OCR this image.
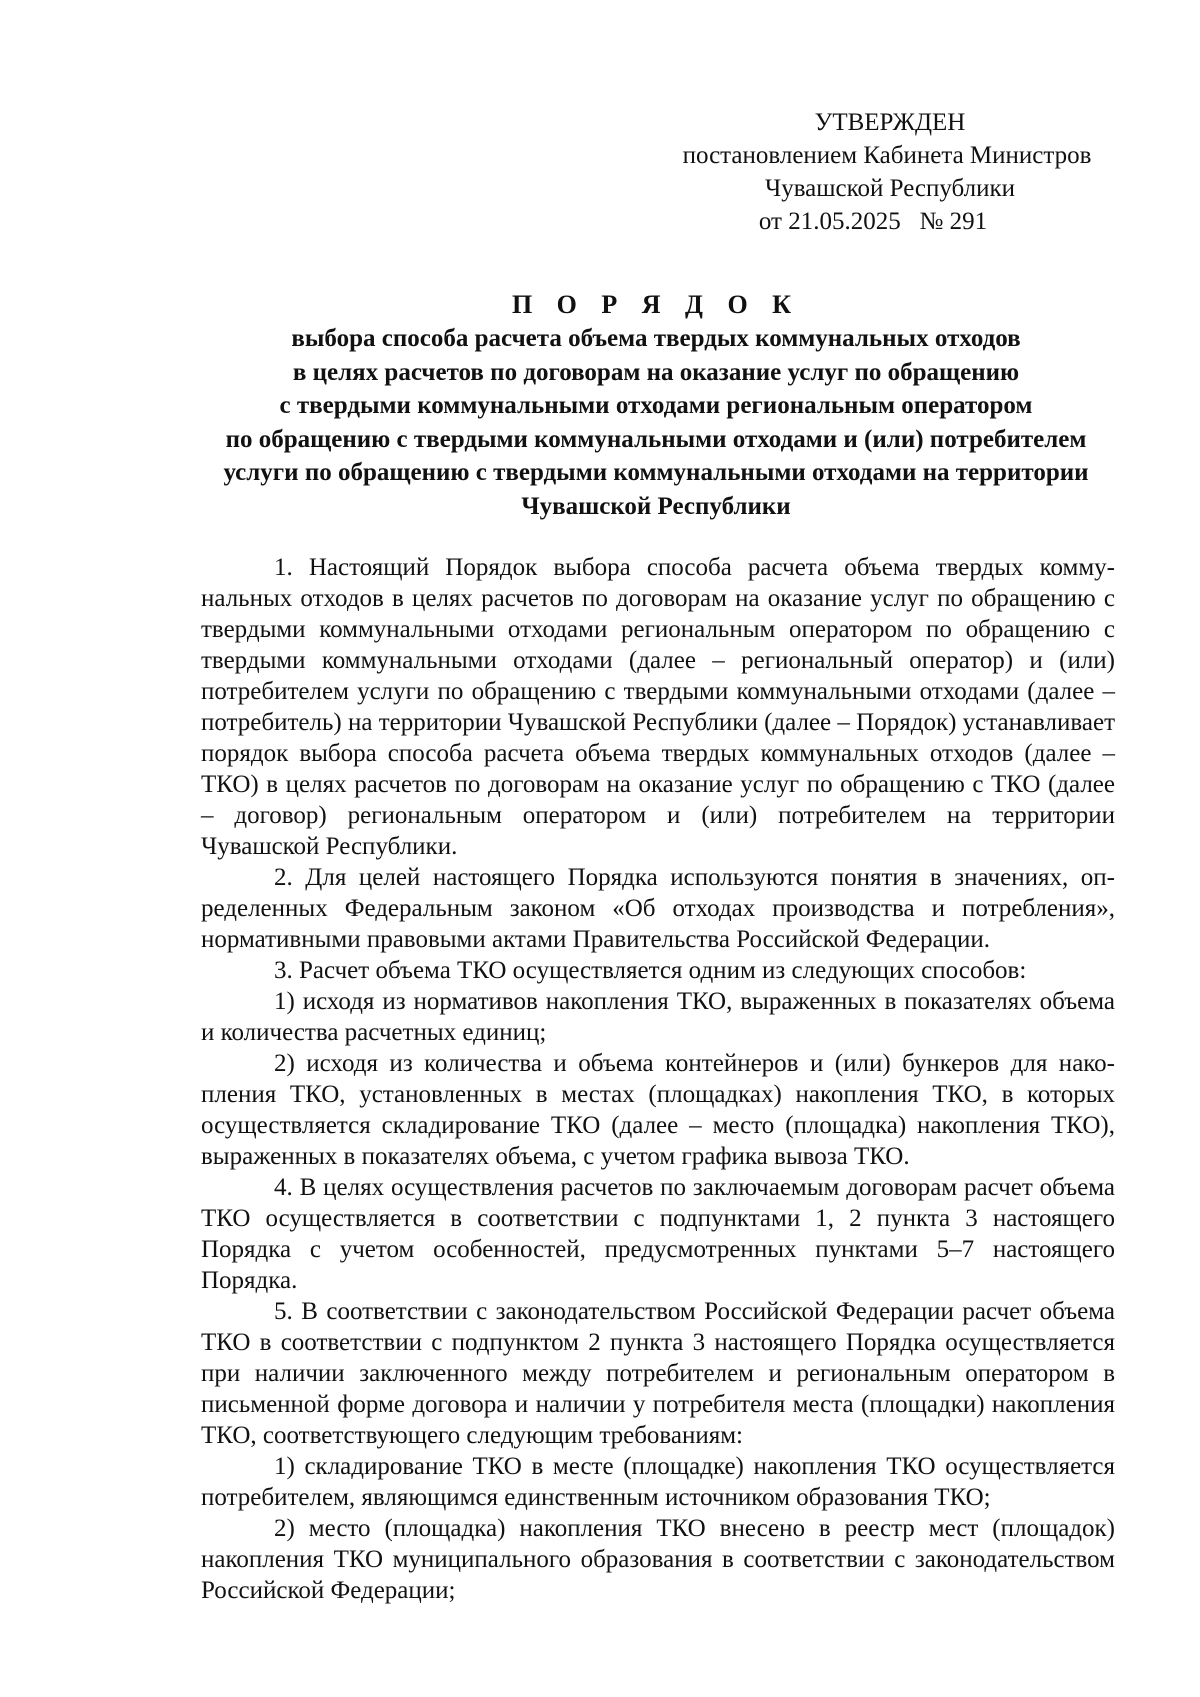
УТВЕРЖДЕН
постановлением Кабинета Министров
Чувашской Республики
от 21.05.2025   № 291
П О Р Я Д О К
выбора способа расчета объема твердых коммунальных отходов
в целях расчетов по договорам на оказание услуг по обращению
с твердыми коммунальными отходами региональным оператором
по обращению с твердыми коммунальными отходами и (или) потребителем
услуги по обращению с твердыми коммунальными отходами на территории
Чувашской Республики

1. Настоящий Порядок выбора способа расчета объема твердых коммунальных отходов в целях расчетов по договорам на оказание услуг по обращению с твердыми коммунальными отходами региональным оператором по обращению с твердыми коммунальными отходами (далее – региональный оператор) и (или) потребителем услуги по обращению с твердыми коммунальными отходами (далее – потребитель) на территории Чувашской Республики (далее – Порядок) устанавливает порядок выбора способа расчета объема твердых коммунальных отходов (далее – ТКО) в целях расчетов по договорам на оказание услуг по обращению с ТКО (далее – договор) региональным оператором и (или) потребителем на территории Чувашской Республики.

2. Для целей настоящего Порядка используются понятия в значениях, определенных Федеральным законом «Об отходах производства и потребления», нормативными правовыми актами Правительства Российской Федерации.

3. Расчет объема ТКО осуществляется одним из следующих способов:

1) исходя из нормативов накопления ТКО, выраженных в показателях объема и количества расчетных единиц;

2) исходя из количества и объема контейнеров и (или) бункеров для накопления ТКО, установленных в местах (площадках) накопления ТКО, в которых осуществляется складирование ТКО (далее – место (площадка) накопления ТКО), выраженных в показателях объема, с учетом графика вывоза ТКО.

4. В целях осуществления расчетов по заключаемым договорам расчет объема ТКО осуществляется в соответствии с подпунктами 1, 2 пункта 3 настоящего Порядка с учетом особенностей, предусмотренных пунктами 5–7 настоящего Порядка.

5. В соответствии с законодательством Российской Федерации расчет объема ТКО в соответствии с подпунктом 2 пункта 3 настоящего Порядка осуществляется при наличии заключенного между потребителем и региональным оператором в письменной форме договора и наличии у потребителя места (площадки) накопления ТКО, соответствующего следующим требованиям:

1) складирование ТКО в месте (площадке) накопления ТКО осуществляется потребителем, являющимся единственным источником образования ТКО;

2) место (площадка) накопления ТКО внесено в реестр мест (площадок) накопления ТКО муниципального образования в соответствии с законодательством Российской Федерации;
